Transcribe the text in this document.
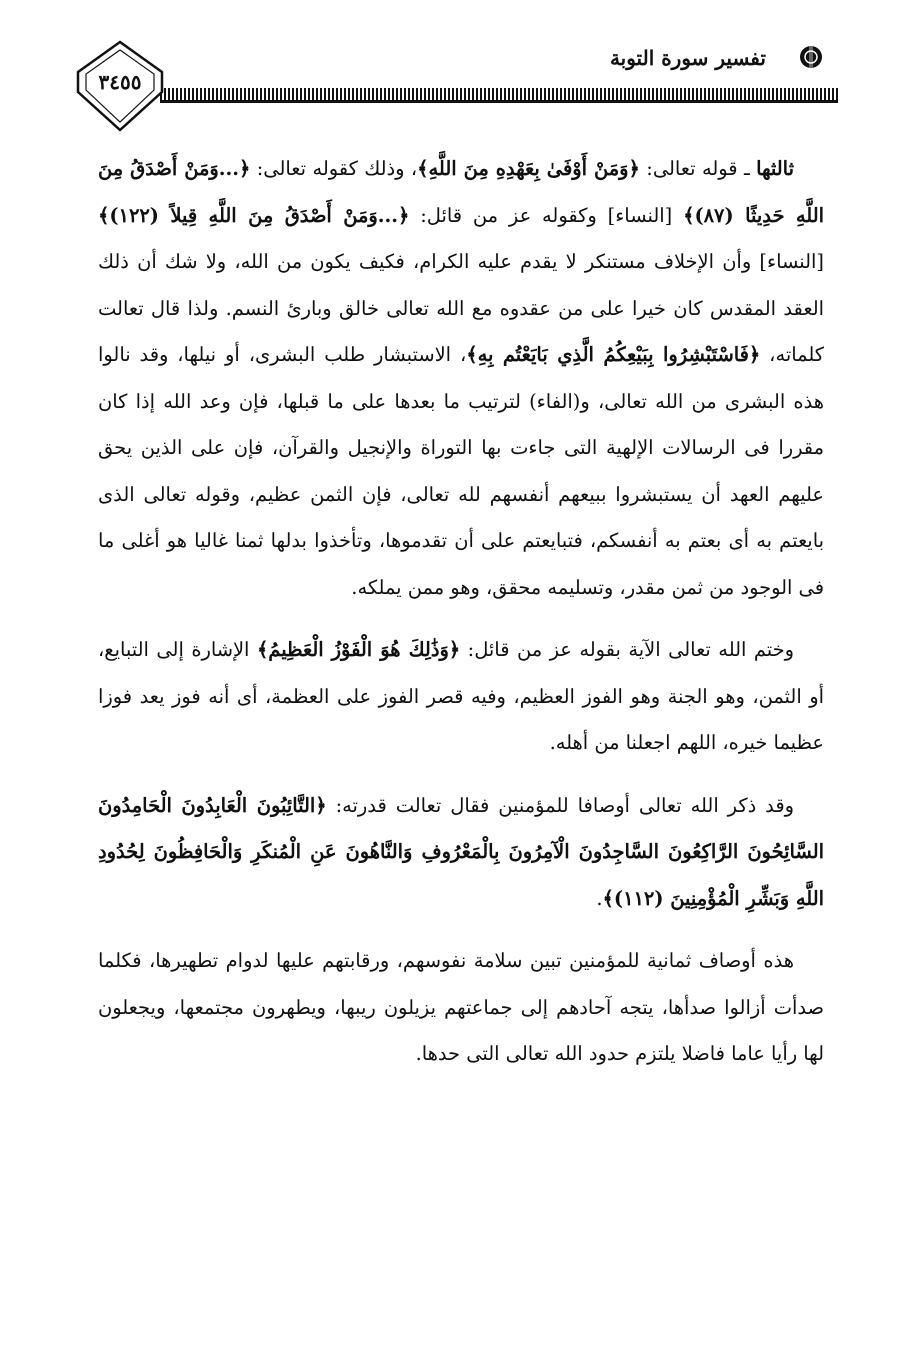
تفسير سورة التوبة
٣٤٥٥

ثالثها ـ قوله تعالى: ﴿وَمَنْ أَوْفَىٰ بِعَهْدِهِ مِنَ اللَّهِ﴾، وذلك كقوله تعالى: ﴿...وَمَنْ أَصْدَقُ مِنَ اللَّهِ حَدِيثًا (٨٧)﴾ [النساء] وكقوله عز من قائل: ﴿...وَمَنْ أَصْدَقُ مِنَ اللَّهِ قِيلاً (١٢٢)﴾ [النساء] وأن الإخلاف مستنكر لا يقدم عليه الكرام، فكيف يكون من الله، ولا شك أن ذلك العقد المقدس كان خيرا على من عقدوه مع الله تعالى خالق وبارئ النسم. ولذا قال تعالت كلماته، ﴿فَاسْتَبْشِرُوا بِبَيْعِكُمُ الَّذِي بَايَعْتُم بِهِ﴾، الاستبشار طلب البشرى، أو نيلها، وقد نالوا هذه البشرى من الله تعالى، و(الفاء) لترتيب ما بعدها على ما قبلها، فإن وعد الله إذا كان مقررا فى الرسالات الإلهية التى جاءت بها التوراة والإنجيل والقرآن، فإن على الذين يحق عليهم العهد أن يستبشروا ببيعهم أنفسهم لله تعالى، فإن الثمن عظيم، وقوله تعالى الذى بايعتم به أى بعتم به أنفسكم، فتبايعتم على أن تقدموها، وتأخذوا بدلها ثمنا غاليا هو أغلى ما فى الوجود من ثمن مقدر، وتسليمه محقق، وهو ممن يملكه.

وختم الله تعالى الآية بقوله عز من قائل: ﴿وَذَٰلِكَ هُوَ الْفَوْزُ الْعَظِيمُ﴾ الإشارة إلى التبايع، أو الثمن، وهو الجنة وهو الفوز العظيم، وفيه قصر الفوز على العظمة، أى أنه فوز يعد فوزا عظيما خيره، اللهم اجعلنا من أهله.

وقد ذكر الله تعالى أوصافا للمؤمنين فقال تعالت قدرته: ﴿التَّائِبُونَ الْعَابِدُونَ الْحَامِدُونَ السَّائِحُونَ الرَّاكِعُونَ السَّاجِدُونَ الْآمِرُونَ بِالْمَعْرُوفِ وَالنَّاهُونَ عَنِ الْمُنكَرِ وَالْحَافِظُونَ لِحُدُودِ اللَّهِ وَبَشِّرِ الْمُؤْمِنِينَ (١١٢)﴾.

هذه أوصاف ثمانية للمؤمنين تبين سلامة نفوسهم، ورقابتهم عليها لدوام تطهيرها، فكلما صدأت أزالوا صدأها، يتجه آحادهم إلى جماعتهم يزيلون ريبها، ويطهرون مجتمعها، ويجعلون لها رأيا عاما فاضلا يلتزم حدود الله تعالى التى حدها.
